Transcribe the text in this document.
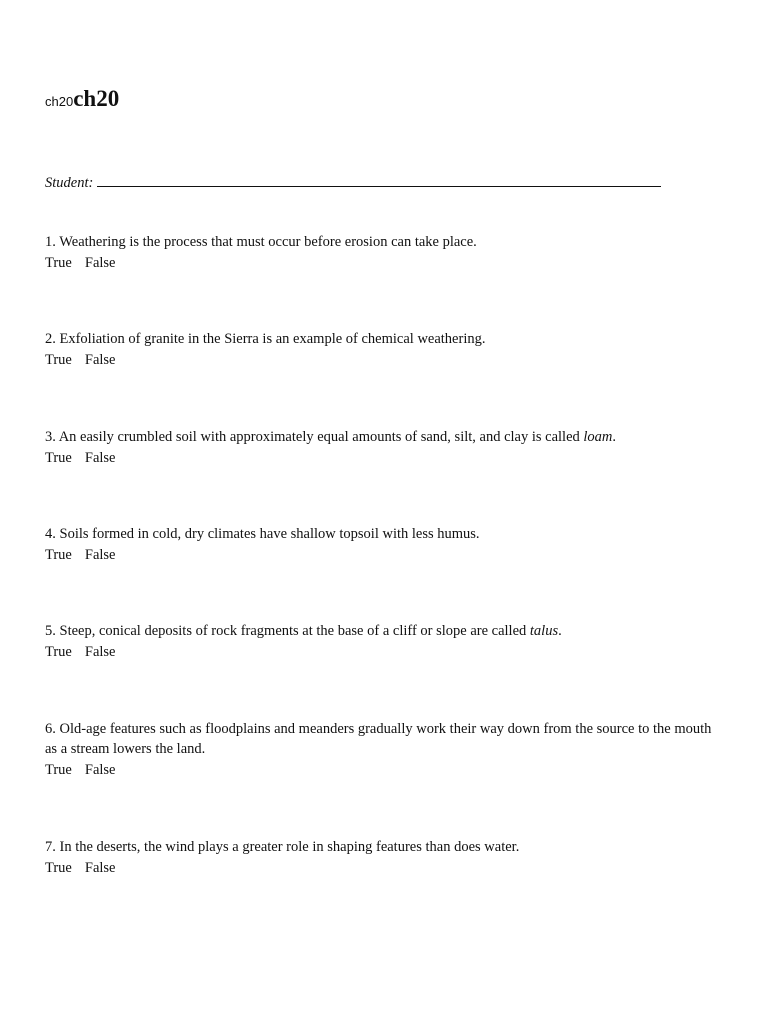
ch20ch20
Student:
1. Weathering is the process that must occur before erosion can take place.
True False
2. Exfoliation of granite in the Sierra is an example of chemical weathering.
True False
3. An easily crumbled soil with approximately equal amounts of sand, silt, and clay is called loam.
True False
4. Soils formed in cold, dry climates have shallow topsoil with less humus.
True False
5. Steep, conical deposits of rock fragments at the base of a cliff or slope are called talus.
True False
6. Old-age features such as floodplains and meanders gradually work their way down from the source to the mouth as a stream lowers the land.
True False
7. In the deserts, the wind plays a greater role in shaping features than does water.
True False
